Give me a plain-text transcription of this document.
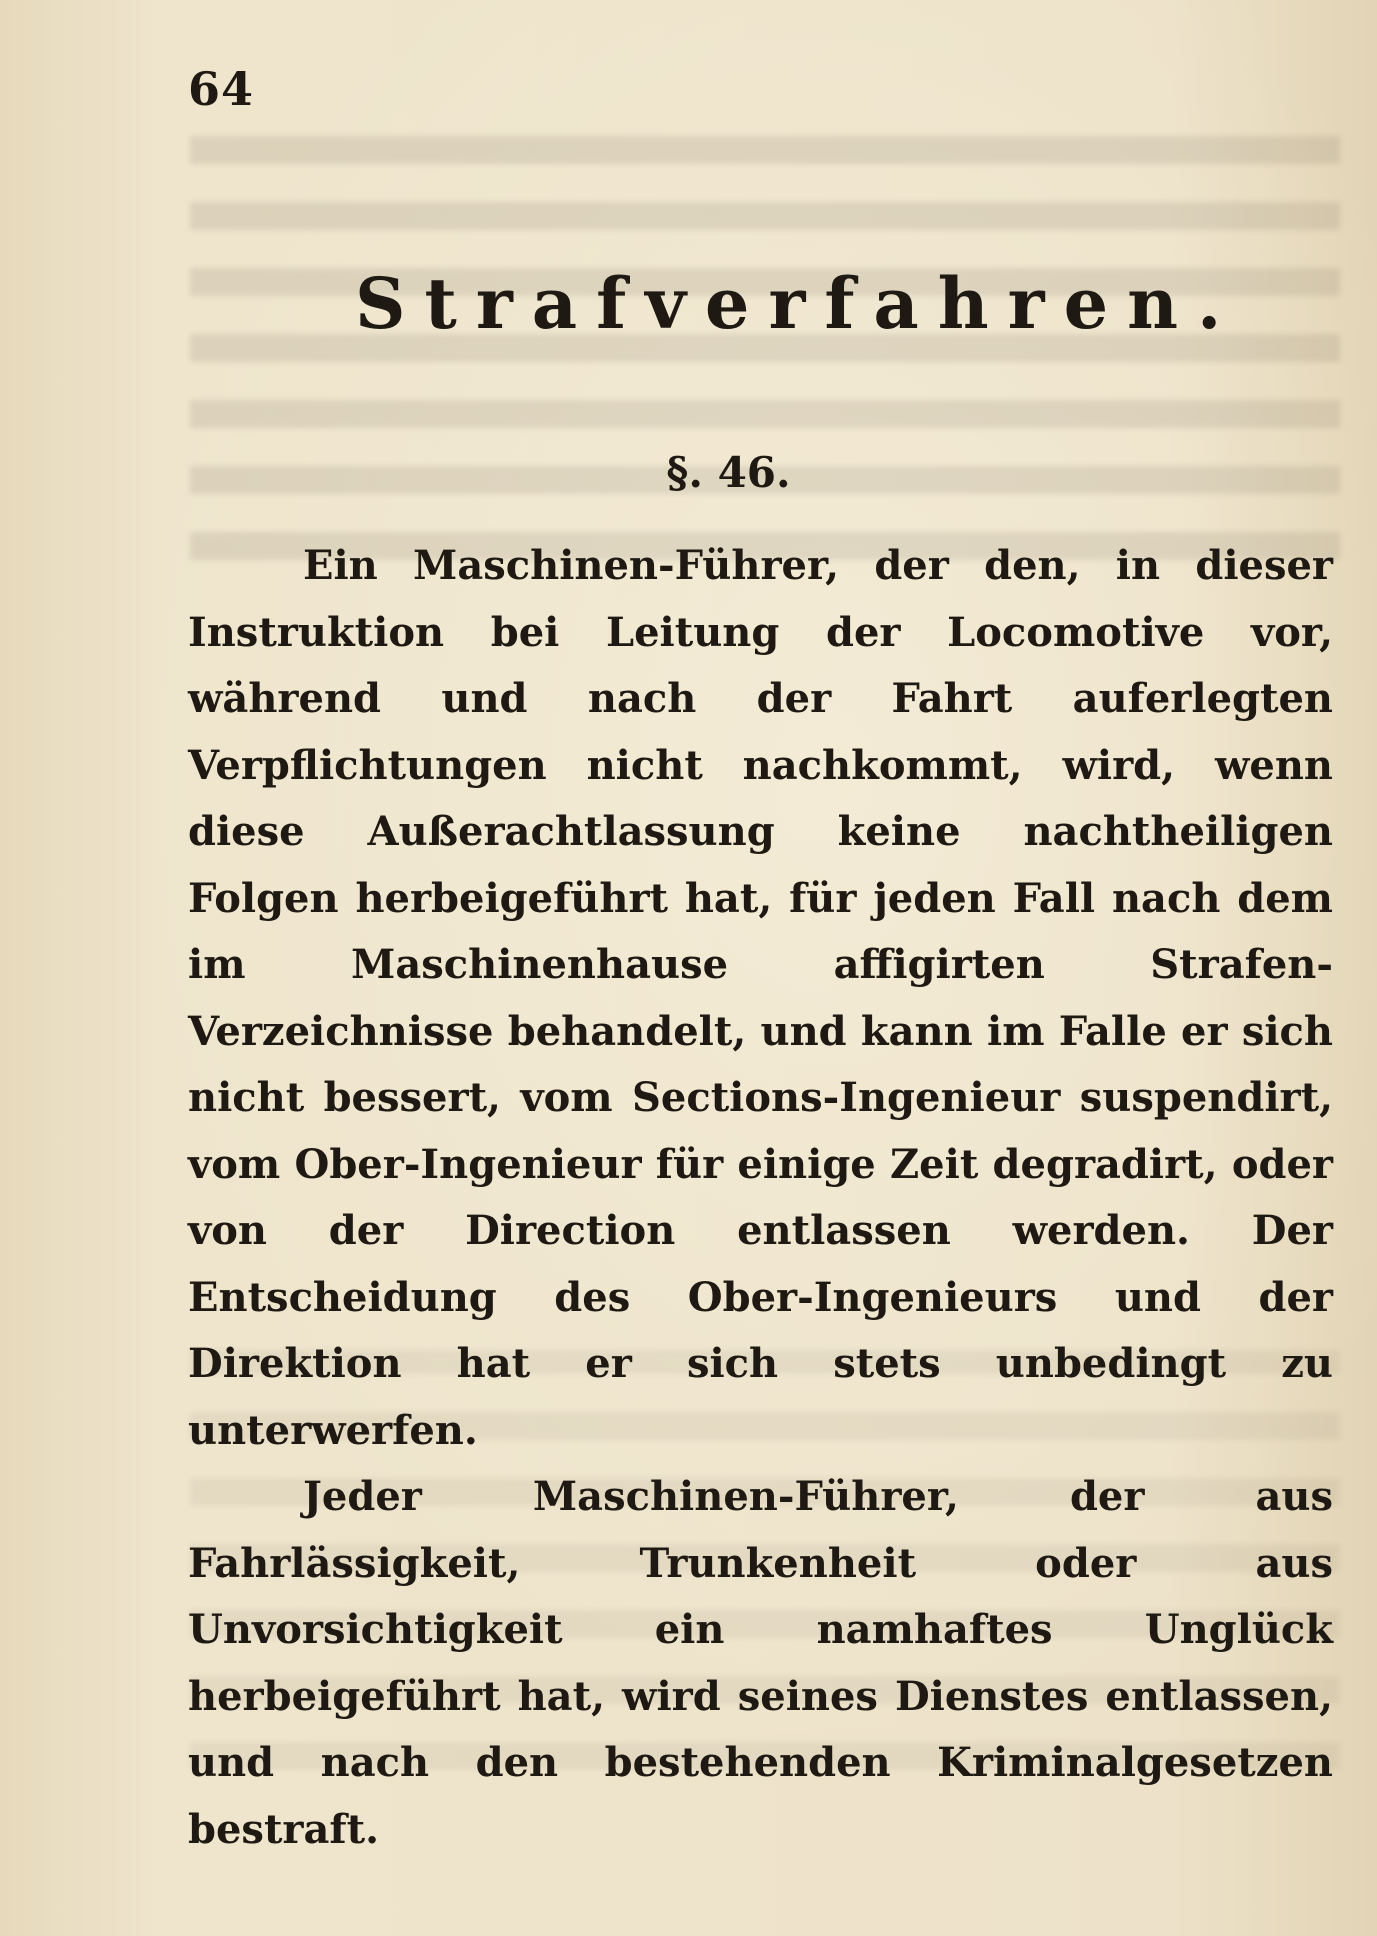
64
Strafverfahren.
§. 46.

Ein Maschinen-Führer, der den, in dieser Instruktion bei Leitung der Locomotive vor, während und nach der Fahrt auferlegten Verpflichtungen nicht nachkommt, wird, wenn diese Außerachtlassung keine nachtheiligen Folgen herbeigeführt hat, für jeden Fall nach dem im Maschinenhause affigirten Strafen-Verzeichnisse behandelt, und kann im Falle er sich nicht bessert, vom Sections-Ingenieur suspendirt, vom Ober-Ingenieur für einige Zeit degradirt, oder von der Direction entlassen werden. Der Entscheidung des Ober-Ingenieurs und der Direktion hat er sich stets unbedingt zu unterwerfen.

Jeder Maschinen-Führer, der aus Fahrlässigkeit, Trunkenheit oder aus Unvorsichtigkeit ein namhaftes Unglück herbeigeführt hat, wird seines Dienstes entlassen, und nach den bestehenden Kriminalgesetzen bestraft.
